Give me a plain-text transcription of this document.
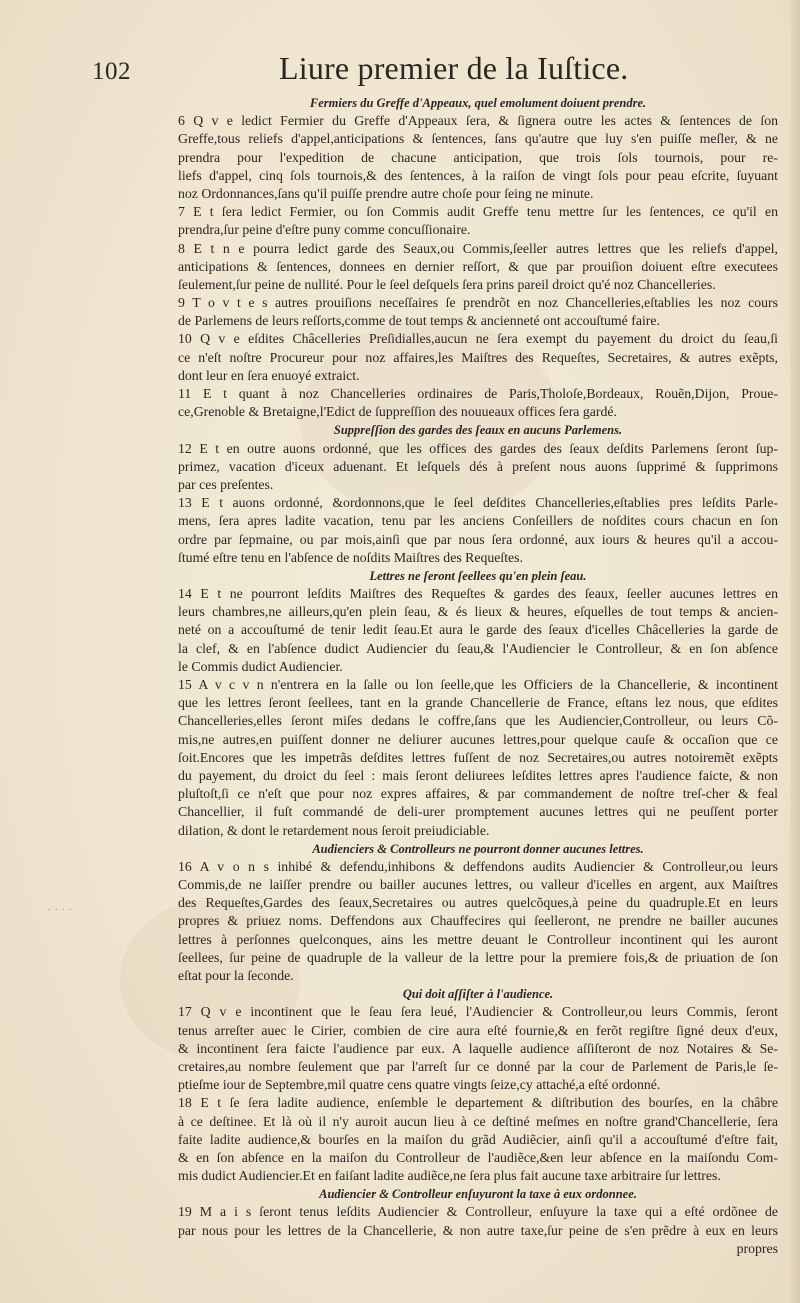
102	Liure premier de la Iuſtice.
. . . .
Fermiers du Greffe d'Appeaux, quel emolument doiuent prendre.
6 Q v e ledict Fermier du Greffe d'Appeaux ſera, & ſignera outre les actes & ſentences de ſon
Greffe,tous reliefs d'appel,anticipations & ſentences, ſans qu'autre que luy s'en puiſſe meſler, & ne
prendra pour l'expedition de chacune anticipation, que trois ſols tournois, pour re-
liefs d'appel, cinq ſols tournois,& des ſentences, à la raiſon de vingt ſols pour peau eſcrite, ſuyuant
noz Ordonnances,ſans qu'il puiſſe prendre autre choſe pour ſeing ne minute.
7 E t ſera ledict Fermier, ou ſon Commis audit Greffe tenu mettre ſur les ſentences, ce qu'il en
prendra,ſur peine d'eſtre puny comme concuſſionaire.
8 E t n e pourra ledict garde des Seaux,ou Commis,ſeeller autres lettres que les reliefs d'appel,
anticipations & ſentences, donnees en dernier reſſort, & que par prouiſion doiuent eſtre executees
ſeulement,ſur peine de nullité. Pour le ſeel deſquels ſera prins pareil droict qu'é noz Chancelleries.
9 T o v t e s autres prouiſions neceſſaires ſe prendrõt en noz Chancelleries,eſtablies les noz cours
de Parlemens de leurs reſſorts,comme de tout temps & ancienneté ont accouſtumé faire.
10 Q v e eſdites Châcelleries Preſidialles,aucun ne ſera exempt du payement du droict du ſeau,ſi
ce n'eſt noſtre Procureur pour noz affaires,les Maiſtres des Requeſtes, Secretaires, & autres exẽpts,
dont leur en ſera enuoyé extraict.
11 E t quant à noz Chancelleries ordinaires de Paris,Tholoſe,Bordeaux, Rouẽn,Dijon, Proue-
ce,Grenoble & Bretaigne,l'Edict de ſuppreſſion des nouueaux offices ſera gardé.
Suppreſſion des gardes des ſeaux en aucuns Parlemens.
12 E t en outre auons ordonné, que les offices des gardes des ſeaux deſdits Parlemens ſeront ſup-
primez, vacation d'iceux aduenant. Et leſquels dés à preſent nous auons ſupprimé & ſupprimons
par ces preſentes.
13 E t auons ordonné, &ordonnons,que le ſeel deſdites Chancelleries,eſtablies pres leſdits Parle-
mens, ſera apres ladite vacation, tenu par les anciens Conſeillers de noſdites cours chacun en ſon
ordre par ſepmaine, ou par mois,ainſi que par nous ſera ordonné, aux iours & heures qu'il a accou-
ſtumé eſtre tenu en l'abſence de noſdits Maiſtres des Requeſtes.
Lettres ne ſeront ſeellees qu'en plein ſeau.
14 E t ne pourront leſdits Maiſtres des Requeſtes & gardes des ſeaux, ſeeller aucunes lettres en
leurs chambres,ne ailleurs,qu'en plein ſeau, & és lieux & heures, eſquelles de tout temps & ancien-
neté on a accouſtumé de tenir ledit ſeau.Et aura le garde des ſeaux d'icelles Châcelleries la garde de
la clef, & en l'abſence dudict Audiencier du ſeau,& l'Audiencier le Controlleur, & en ſon abſence
le Commis dudict Audiencier.
15 A v c v n n'entrera en la ſalle ou lon ſeelle,que les Officiers de la Chancellerie, & incontinent
que les lettres ſeront ſeellees, tant en la grande Chancellerie de France, eſtans lez nous, que eſdites
Chancelleries,elles ſeront miſes dedans le coffre,ſans que les Audiencier,Controlleur, ou leurs Cõ-
mis,ne autres,en puiſſent donner ne deliurer aucunes lettres,pour quelque cauſe & occaſion que ce
ſoit.Encores que les impetrãs deſdites lettres fuſſent de noz Secretaires,ou autres notoiremẽt exẽpts
du payement, du droict du ſeel : mais ſeront deliurees leſdites lettres apres l'audience faicte, & non
pluſtoſt,ſi ce n'eſt que pour noz expres affaires, & par commandement de noſtre treſ-cher & feal
Chancellier, il fuſt commandé de deli-urer promptement aucunes lettres qui ne peuſſent porter
dilation, & dont le retardement nous ſeroit preiudiciable.
Audienciers & Controlleurs ne pourront donner aucunes lettres.
16 A v o n s inhibé & defendu,inhibons & deffendons audits Audiencier & Controlleur,ou leurs
Commis,de ne laiſſer prendre ou bailler aucunes lettres, ou valleur d'icelles en argent, aux Maiſtres
des Requeſtes,Gardes des ſeaux,Secretaires ou autres quelcõques,à peine du quadruple.Et en leurs
propres & priuez noms. Deffendons aux Chauffecires qui ſeelleront, ne prendre ne bailler aucunes
lettres à perſonnes quelconques, ains les mettre deuant le Controlleur incontinent qui les auront
ſeellees, ſur peine de quadruple de la valleur de la lettre pour la premiere fois,& de priuation de ſon
eſtat pour la ſeconde.
Qui doit aſſiſter à l'audience.
17 Q v e incontinent que le ſeau ſera leué, l'Audiencier & Controlleur,ou leurs Commis, ſeront
tenus arreſter auec le Cirier, combien de cire aura eſté fournie,& en ferõt regiſtre ſigné deux d'eux,
& incontinent ſera faicte l'audience par eux. A laquelle audience aſſiſteront de noz Notaires & Se-
cretaires,au nombre ſeulement que par l'arreſt ſur ce donné par la cour de Parlement de Paris,le ſe-
ptieſme iour de Septembre,mil quatre cens quatre vingts ſeize,cy attaché,a eſté ordonné.
18 E t ſe ſera ladite audience, enſemble le departement & diſtribution des bourſes, en la châbre
à ce deſtinee. Et là où il n'y auroit aucun lieu à ce deſtiné meſmes en noſtre grand'Chancellerie, ſera
faite ladite audience,& bourſes en la maiſon du grãd Audiẽcier, ainſi qu'il a accouſtumé d'eſtre fait,
& en ſon abſence en la maiſon du Controlleur de l'audiẽce,&en leur abſence en la maiſondu Com-
mis dudict Audiencier.Et en faiſant ladite audiẽce,ne ſera plus fait aucune taxe arbitraire ſur lettres.
Audiencier & Controlleur enſuyuront la taxe à eux ordonnee.
19 M a i s ſeront tenus leſdits Audiencier & Controlleur, enſuyure la taxe qui a eſté ordõnee de
par nous pour les lettres de la Chancellerie, & non autre taxe,ſur peine de s'en prẽdre à eux en leurs
propres
